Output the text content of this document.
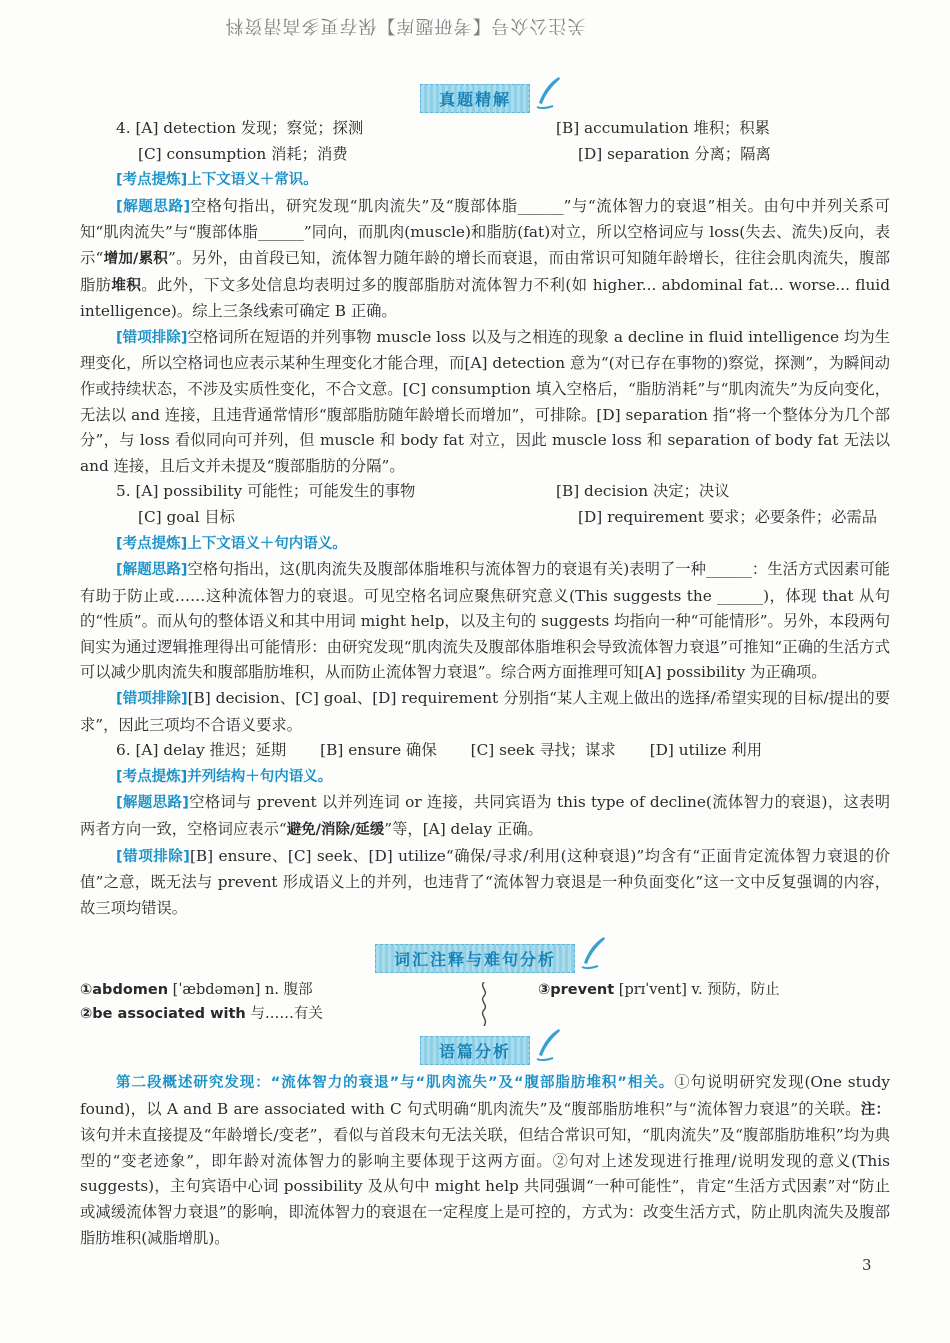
关注公众号【考研题库】保存更多高清资料
真题精解
4. [A] detection 发现；察觉；探测	[B] accumulation 堆积；积累
[C] consumption 消耗；消费	[D] separation 分离；隔离

[考点提炼]上下文语义＋常识。

[解题思路]空格句指出，研究发现“肌肉流失”及“腹部体脂______”与“流体智力的衰退”相关。由句中并列关系可知“肌肉流失”与“腹部体脂______”同向，而肌肉(muscle)和脂肪(fat)对立，所以空格词应与 loss(失去、流失)反向，表示“增加/累积”。另外，由首段已知，流体智力随年龄的增长而衰退，而由常识可知随年龄增长，往往会肌肉流失，腹部脂肪堆积。此外，下文多处信息均表明过多的腹部脂肪对流体智力不利(如 higher... abdominal fat... worse... fluid intelligence)。综上三条线索可确定 B 正确。

[错项排除]空格词所在短语的并列事物 muscle loss 以及与之相连的现象 a decline in fluid intelligence 均为生理变化，所以空格词也应表示某种生理变化才能合理，而[A] detection 意为“(对已存在事物的)察觉，探测”，为瞬间动作或持续状态，不涉及实质性变化，不合文意。[C] consumption 填入空格后，“脂肪消耗”与“肌肉流失”为反向变化，无法以 and 连接，且违背通常情形“腹部脂肪随年龄增长而增加”，可排除。[D] separation 指“将一个整体分为几个部分”，与 loss 看似同向可并列，但 muscle 和 body fat 对立，因此 muscle loss 和 separation of body fat 无法以 and 连接，且后文并未提及“腹部脂肪的分隔”。

5. [A] possibility 可能性；可能发生的事物	[B] decision 决定；决议
[C] goal 目标	[D] requirement 要求；必要条件；必需品

[考点提炼]上下文语义＋句内语义。

[解题思路]空格句指出，这(肌肉流失及腹部体脂堆积与流体智力的衰退有关)表明了一种______：生活方式因素可能有助于防止或……这种流体智力的衰退。可见空格名词应聚焦研究意义(This suggests the ______)，体现 that 从句的“性质”。而从句的整体语义和其中用词 might help，以及主句的 suggests 均指向一种“可能情形”。另外，本段两句间实为通过逻辑推理得出可能情形：由研究发现“肌肉流失及腹部体脂堆积会导致流体智力衰退”可推知“正确的生活方式可以减少肌肉流失和腹部脂肪堆积，从而防止流体智力衰退”。综合两方面推理可知[A] possibility 为正确项。

[错项排除][B] decision、[C] goal、[D] requirement 分别指“某人主观上做出的选择/希望实现的目标/提出的要求”，因此三项均不合语义要求。

6. [A] delay 推迟；延期 [B] ensure 确保 [C] seek 寻找；谋求 [D] utilize 利用

[考点提炼]并列结构＋句内语义。

[解题思路]空格词与 prevent 以并列连词 or 连接，共同宾语为 this type of decline(流体智力的衰退)，这表明两者方向一致，空格词应表示“避免/消除/延缓”等，[A] delay 正确。

[错项排除][B] ensure、[C] seek、[D] utilize“确保/寻求/利用(这种衰退)”均含有“正面肯定流体智力衰退的价值”之意，既无法与 prevent 形成语义上的并列，也违背了“流体智力衰退是一种负面变化”这一文中反复强调的内容，故三项均错误。

词汇注释与难句分析
①abdomen [ˈæbdəmən] n. 腹部
②be associated with 与……有关
③prevent [prɪˈvent] v. 预防，防止
语篇分析

第二段概述研究发现：“流体智力的衰退”与“肌肉流失”及“腹部脂肪堆积”相关。①句说明研究发现(One study found)，以 A and B are associated with C 句式明确“肌肉流失”及“腹部脂肪堆积”与“流体智力衰退”的关联。注：该句并未直接提及“年龄增长/变老”，看似与首段末句无法关联，但结合常识可知，“肌肉流失”及“腹部脂肪堆积”均为典型的“变老迹象”，即年龄对流体智力的影响主要体现于这两方面。②句对上述发现进行推理/说明发现的意义(This suggests)，主句宾语中心词 possibility 及从句中 might help 共同强调“一种可能性”，肯定“生活方式因素”对“防止或减缓流体智力衰退”的影响，即流体智力的衰退在一定程度上是可控的，方式为：改变生活方式，防止肌肉流失及腹部脂肪堆积(减脂增肌)。

3
